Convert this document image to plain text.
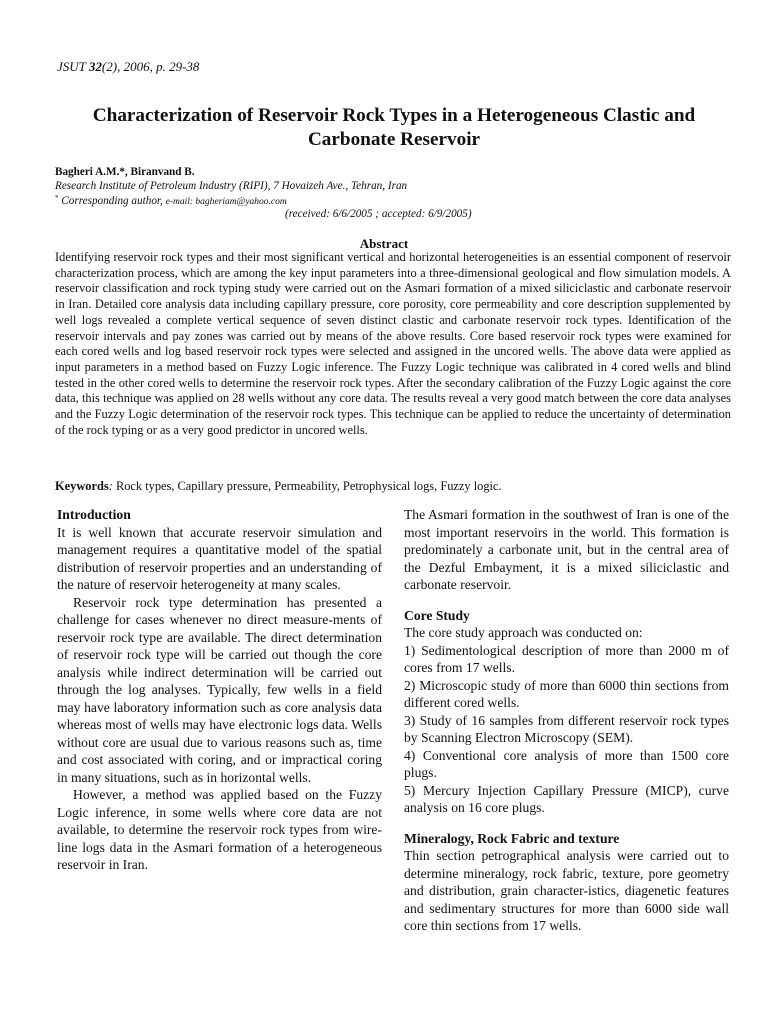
JSUT 32(2), 2006, p. 29-38
Characterization of Reservoir Rock Types in a Heterogeneous Clastic and Carbonate Reservoir
Bagheri A.M.*, Biranvand B.
Research Institute of Petroleum Industry (RIPI), 7 Hovaizeh Ave., Tehran, Iran
* Corresponding author, e-mail: bagheriam@yahoo.com
(received: 6/6/2005 ; accepted: 6/9/2005)
Abstract

Identifying reservoir rock types and their most significant vertical and horizontal heterogeneities is an essential component of reservoir characterization process, which are among the key input parameters into a three-dimensional geological and flow simulation models. A reservoir classification and rock typing study were carried out on the Asmari formation of a mixed siliciclastic and carbonate reservoir in Iran. Detailed core analysis data including capillary pressure, core porosity, core permeability and core description supplemented by well logs revealed a complete vertical sequence of seven distinct clastic and carbonate reservoir rock types. Identification of the reservoir intervals and pay zones was carried out by means of the above results. Core based reservoir rock types were examined for each cored wells and log based reservoir rock types were selected and assigned in the uncored wells. The above data were applied as input parameters in a method based on Fuzzy Logic inference. The Fuzzy Logic technique was calibrated in 4 cored wells and blind tested in the other cored wells to determine the reservoir rock types. After the secondary calibration of the Fuzzy Logic against the core data, this technique was applied on 28 wells without any core data. The results reveal a very good match between the core data analyses and the Fuzzy Logic determination of the reservoir rock types. This technique can be applied to reduce the uncertainty of determination of the rock typing or as a very good predictor in uncored wells.

Keywords: Rock types, Capillary pressure, Permeability, Petrophysical logs, Fuzzy logic.
Introduction

It is well known that accurate reservoir simulation and management requires a quantitative model of the spatial distribution of reservoir properties and an understanding of the nature of reservoir heterogeneity at many scales.

Reservoir rock type determination has presented a challenge for cases whenever no direct measure-ments of reservoir rock type are available. The direct determination of reservoir rock type will be carried out though the core analysis while indirect determination will be carried out through the log analyses. Typically, few wells in a field may have laboratory information such as core analysis data whereas most of wells may have electronic logs data. Wells without core are usual due to various reasons such as, time and cost associated with coring, and or impractical coring in many situations, such as in horizontal wells.

However, a method was applied based on the Fuzzy Logic inference, in some wells where core data are not available, to determine the reservoir rock types from wire-line logs data in the Asmari formation of a heterogeneous reservoir in Iran.

The Asmari formation in the southwest of Iran is one of the most important reservoirs in the world. This formation is predominately a carbonate unit, but in the central area of the Dezful Embayment, it is a mixed siliciclastic and carbonate reservoir.

Core Study

The core study approach was conducted on:

1) Sedimentological description of more than 2000 m of cores from 17 wells.

2) Microscopic study of more than 6000 thin sections from different cored wells.

3) Study of 16 samples from different reservoir rock types by Scanning Electron Microscopy (SEM).

4) Conventional core analysis of more than 1500 core plugs.

5) Mercury Injection Capillary Pressure (MICP), curve analysis on 16 core plugs.

Mineralogy, Rock Fabric and texture

Thin section petrographical analysis were carried out to determine mineralogy, rock fabric, texture, pore geometry and distribution, grain character-istics, diagenetic features and sedimentary structures for more than 6000 side wall core thin sections from 17 wells.
